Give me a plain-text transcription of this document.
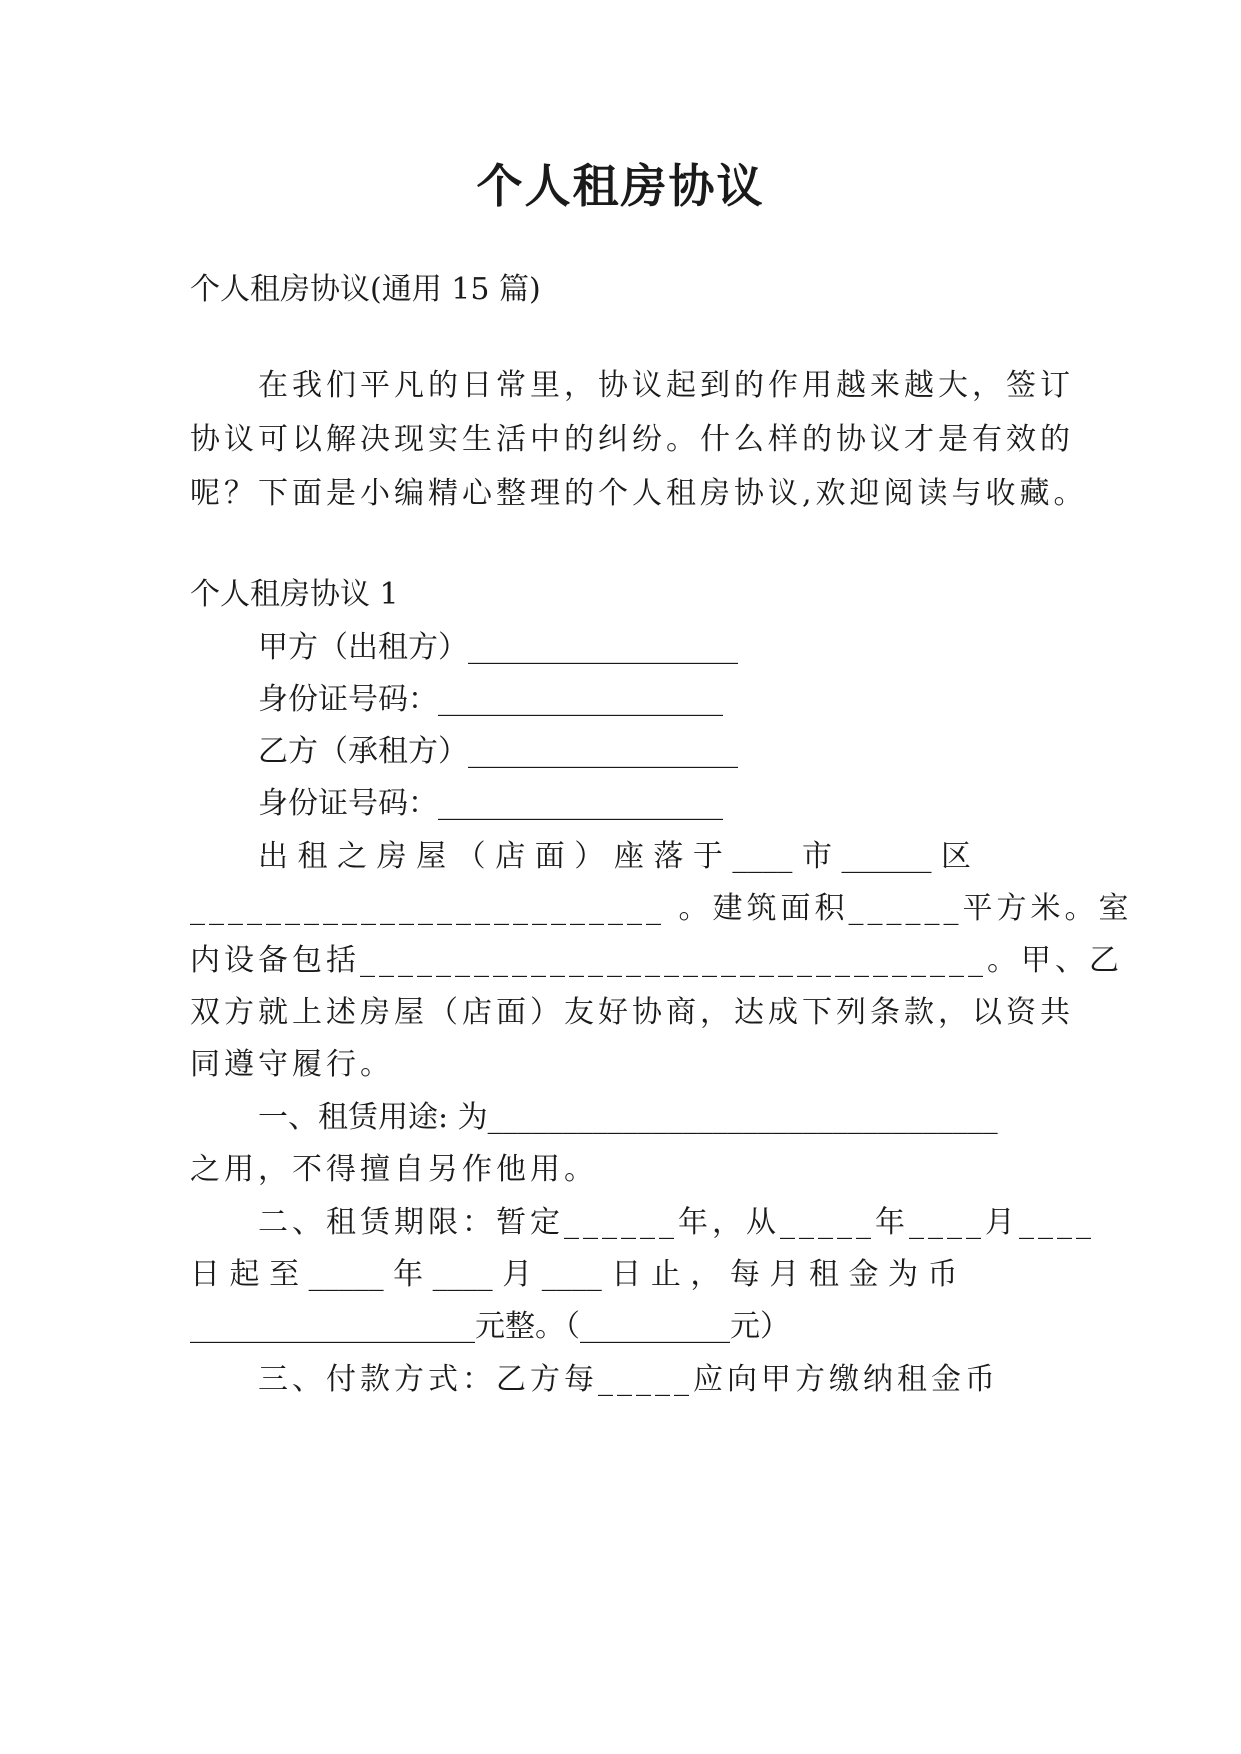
个人租房协议
个人租房协议(通用 15 篇)
在我们平凡的日常里，协议起到的作用越来越大，签订
协议可以解决现实生活中的纠纷。什么样的协议才是有效的
呢？下面是小编精心整理的个人租房协议,欢迎阅读与收藏。
个人租房协议 1
甲方（出租方）__________________
身份证号码：___________________
乙方（承租方）__________________
身份证号码：___________________
出 租 之 房 屋 （ 店 面 ） 座 落 于 ____ 市 ______ 区
_________________________ 。建筑面积______平方米。室
内设备包括_________________________________。甲、乙
双方就上述房屋（店面）友好协商，达成下列条款，以资共
同遵守履行。
一、租赁用途: 为__________________________________
之用，不得擅自另作他用。
二、租赁期限：暂定______年，从_____年____月____
日 起 至 _____ 年 ____ 月 ____ 日 止 ， 每 月 租 金 为 币
___________________元整。（__________元）
三、付款方式：乙方每_____应向甲方缴纳租金币
